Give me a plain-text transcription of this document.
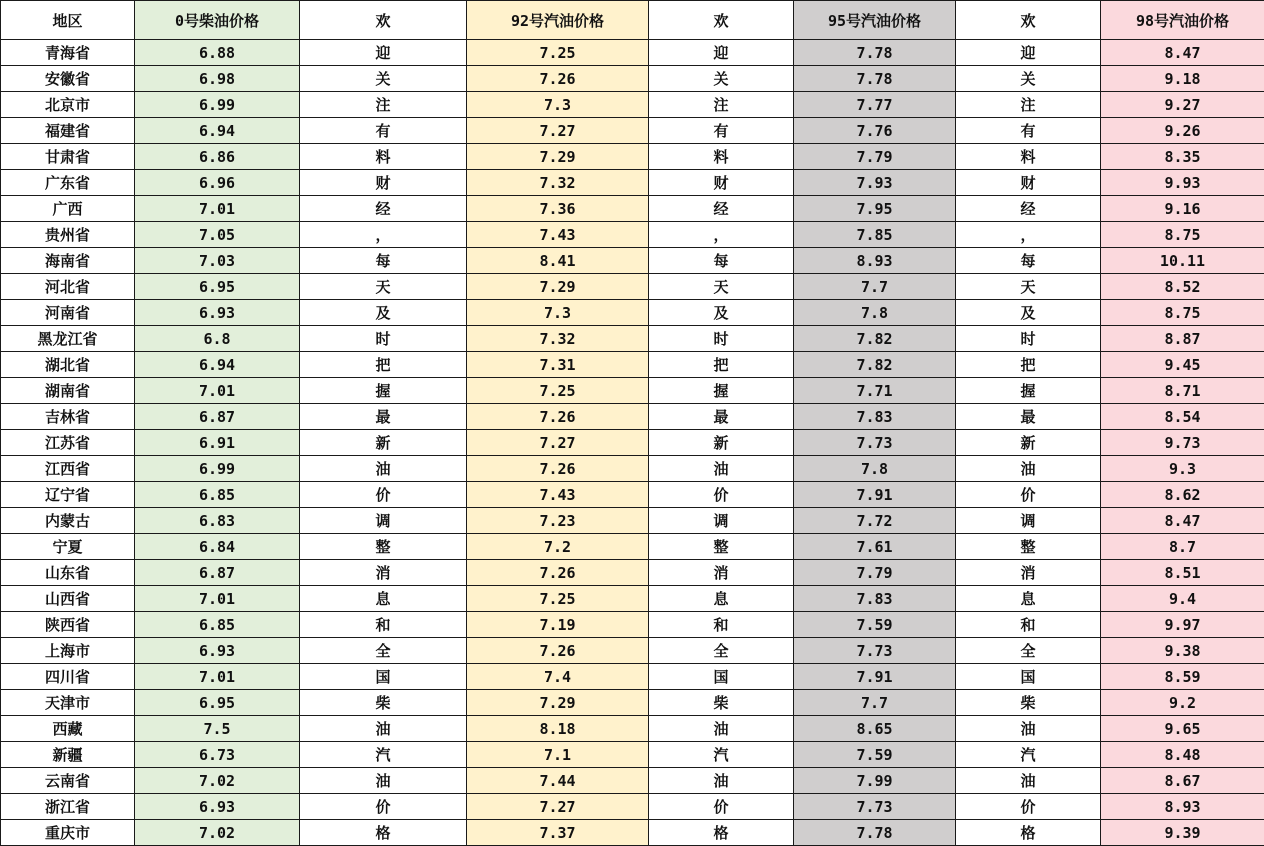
地区	0号柴油价格	欢	92号汽油价格	欢	95号汽油价格	欢	98号汽油价格
青海省	6.88	迎	7.25	迎	7.78	迎	8.47
安徽省	6.98	关	7.26	关	7.78	关	9.18
北京市	6.99	注	7.3	注	7.77	注	9.27
福建省	6.94	有	7.27	有	7.76	有	9.26
甘肃省	6.86	料	7.29	料	7.79	料	8.35
广东省	6.96	财	7.32	财	7.93	财	9.93
广西	7.01	经	7.36	经	7.95	经	9.16
贵州省	7.05	，	7.43	，	7.85	，	8.75
海南省	7.03	每	8.41	每	8.93	每	10.11
河北省	6.95	天	7.29	天	7.7	天	8.52
河南省	6.93	及	7.3	及	7.8	及	8.75
黑龙江省	6.8	时	7.32	时	7.82	时	8.87
湖北省	6.94	把	7.31	把	7.82	把	9.45
湖南省	7.01	握	7.25	握	7.71	握	8.71
吉林省	6.87	最	7.26	最	7.83	最	8.54
江苏省	6.91	新	7.27	新	7.73	新	9.73
江西省	6.99	油	7.26	油	7.8	油	9.3
辽宁省	6.85	价	7.43	价	7.91	价	8.62
内蒙古	6.83	调	7.23	调	7.72	调	8.47
宁夏	6.84	整	7.2	整	7.61	整	8.7
山东省	6.87	消	7.26	消	7.79	消	8.51
山西省	7.01	息	7.25	息	7.83	息	9.4
陕西省	6.85	和	7.19	和	7.59	和	9.97
上海市	6.93	全	7.26	全	7.73	全	9.38
四川省	7.01	国	7.4	国	7.91	国	8.59
天津市	6.95	柴	7.29	柴	7.7	柴	9.2
西藏	7.5	油	8.18	油	8.65	油	9.65
新疆	6.73	汽	7.1	汽	7.59	汽	8.48
云南省	7.02	油	7.44	油	7.99	油	8.67
浙江省	6.93	价	7.27	价	7.73	价	8.93
重庆市	7.02	格	7.37	格	7.78	格	9.39
